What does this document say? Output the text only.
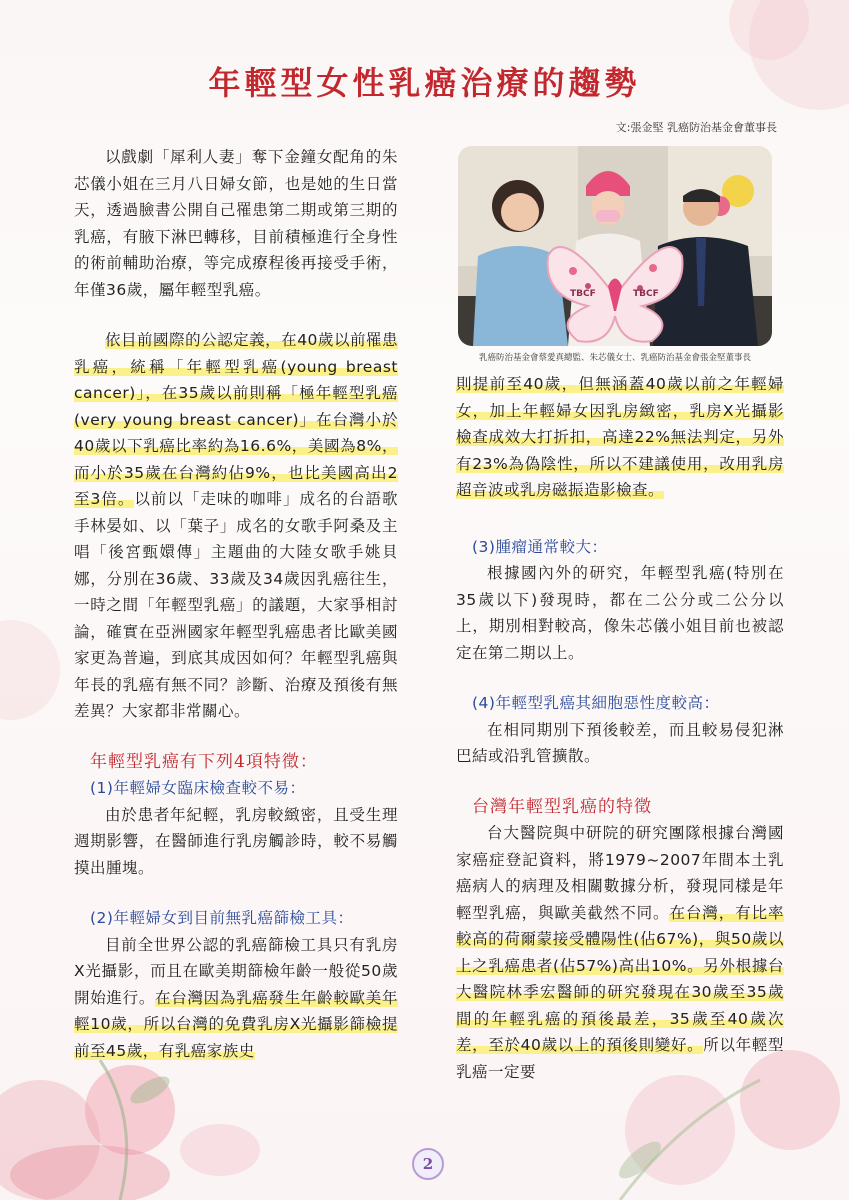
年輕型女性乳癌治療的趨勢
文:張金堅 乳癌防治基金會董事長
TBCF	TBCF
乳癌防治基金會蔡愛真總監、朱芯儀女士、乳癌防治基金會張金堅董事長

以戲劇「犀利人妻」奪下金鐘女配角的朱芯儀小姐在三月八日婦女節，也是她的生日當天，透過臉書公開自己罹患第二期或第三期的乳癌，有腋下淋巴轉移，目前積極進行全身性的術前輔助治療，等完成療程後再接受手術，年僅36歲，屬年輕型乳癌。

依目前國際的公認定義，在40歲以前罹患乳癌，統稱「年輕型乳癌(young breast cancer)」，在35歲以前則稱「極年輕型乳癌(very young breast cancer)」在台灣小於40歲以下乳癌比率約為16.6%，美國為8%，而小於35歲在台灣約佔9%，也比美國高出2至3倍。以前以「走味的咖啡」成名的台語歌手林晏如、以「葉子」成名的女歌手阿桑及主唱「後宮甄嬛傳」主題曲的大陸女歌手姚貝娜，分別在36歲、33歲及34歲因乳癌往生，一時之間「年輕型乳癌」的議題，大家爭相討論，確實在亞洲國家年輕型乳癌患者比歐美國家更為普遍，到底其成因如何？年輕型乳癌與年長的乳癌有無不同？診斷、治療及預後有無差異？大家都非常關心。

年輕型乳癌有下列4項特徵：

(1)年輕婦女臨床檢查較不易：

由於患者年紀輕，乳房較緻密，且受生理週期影響，在醫師進行乳房觸診時，較不易觸摸出腫塊。

(2)年輕婦女到目前無乳癌篩檢工具：

目前全世界公認的乳癌篩檢工具只有乳房X光攝影，而且在歐美期篩檢年齡一般從50歲開始進行。在台灣因為乳癌發生年齡較歐美年輕10歲，所以台灣的免費乳房X光攝影篩檢提前至45歲，有乳癌家族史

則提前至40歲，但無涵蓋40歲以前之年輕婦女，加上年輕婦女因乳房緻密，乳房X光攝影檢查成效大打折扣，高達22%無法判定，另外有23%為偽陰性，所以不建議使用，改用乳房超音波或乳房磁振造影檢查。

(3)腫瘤通常較大：

根據國內外的研究，年輕型乳癌(特別在35歲以下)發現時，都在二公分或二公分以上，期別相對較高，像朱芯儀小姐目前也被認定在第二期以上。

(4)年輕型乳癌其細胞惡性度較高：

在相同期別下預後較差，而且較易侵犯淋巴結或沿乳管擴散。

台灣年輕型乳癌的特徵

台大醫院與中研院的研究團隊根據台灣國家癌症登記資料，將1979~2007年間本土乳癌病人的病理及相關數據分析，發現同樣是年輕型乳癌，與歐美截然不同。在台灣，有比率較高的荷爾蒙接受體陽性(佔67%)，與50歲以上之乳癌患者(佔57%)高出10%。另外根據台大醫院林季宏醫師的研究發現在30歲至35歲間的年輕乳癌的預後最差，35歲至40歲次差，至於40歲以上的預後則變好。所以年輕型乳癌一定要

2
